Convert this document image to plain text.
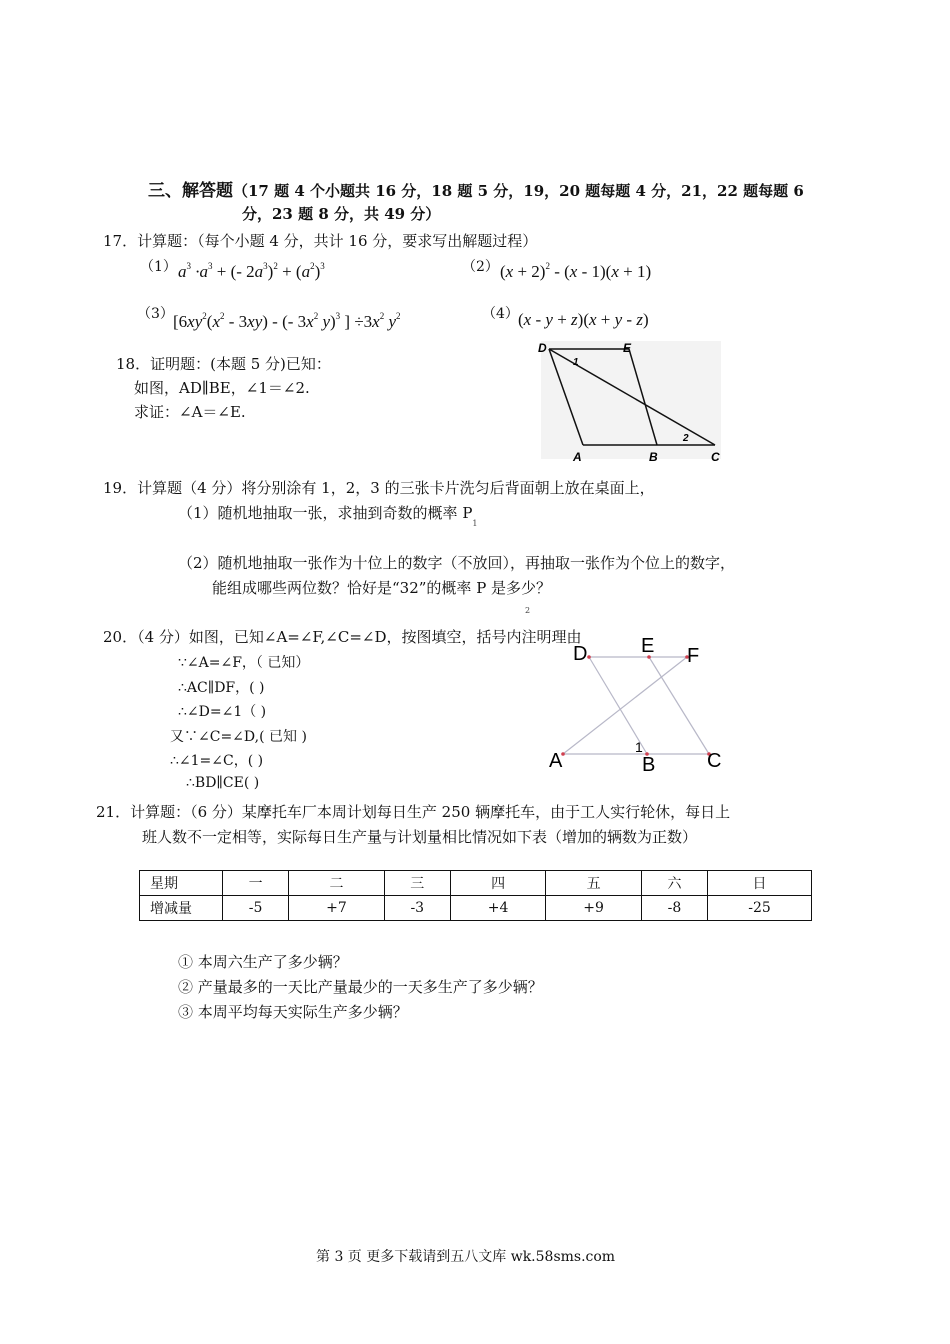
三、解答题（17 题 4 个小题共 16 分，18 题 5 分，19，20 题每题 4 分，21，22 题每题 6
分，23 题 8 分，共 49 分）
17．计算题：（每个小题 4 分，共计 16 分，要求写出解题过程）
（1） $a^3 \cdot a^3$ + (- $2a^3)^2 + (a^2)^3$	（2） $(x + 2)^2 - (x - 1)(x + 1)$
（3） [$6xy^2(x^2 - 3xy)$ - (- $3x^2$ y)$^3$ ] $\div 3x^2$ $y^2$	（4） (x - y + z)(x + y - z)
18．证明题：(本题 5 分)已知：
如图，AD∥BE，∠1＝∠2.
求证：∠A＝∠E.
D	E
A	B	C
1
2
19．计算题（4 分）将分别涂有 1，2，3 的三张卡片洗匀后背面朝上放在桌面上，
（1）随机地抽取一张，求抽到奇数的概率 $P_1$
（2）随机地抽取一张作为十位上的数字（不放回），再抽取一张作为个位上的数字，
能组成哪些两位数？恰好是“32”的概率 P 是多少？
2
20．（4 分）如图，已知∠A=∠F,∠C=∠D，按图填空，括号内注明理由
∵∠A=∠F，（ 已知）
∴AC∥DF，( )
∴∠D=∠1（ )
又∵∠C=∠D,( 已知 )
∴∠1=∠C，( )
∴BD∥CE( )
D	E F
A	B	C
1
21．计算题：（6 分）某摩托车厂本周计划每日生产 250 辆摩托车，由于工人实行轮休，每日上
班人数不一定相等，实际每日生产量与计划量相比情况如下表（增加的辆数为正数）
星期	一	二	三	四	五	六	日
增减量	-5	+7	-3	+4	+9	-8	-25
① 本周六生产了多少辆？
② 产量最多的一天比产量最少的一天多生产了多少辆？
③ 本周平均每天实际生产多少辆？
第 3 页 更多下载请到五八文库 wk.58sms.com
